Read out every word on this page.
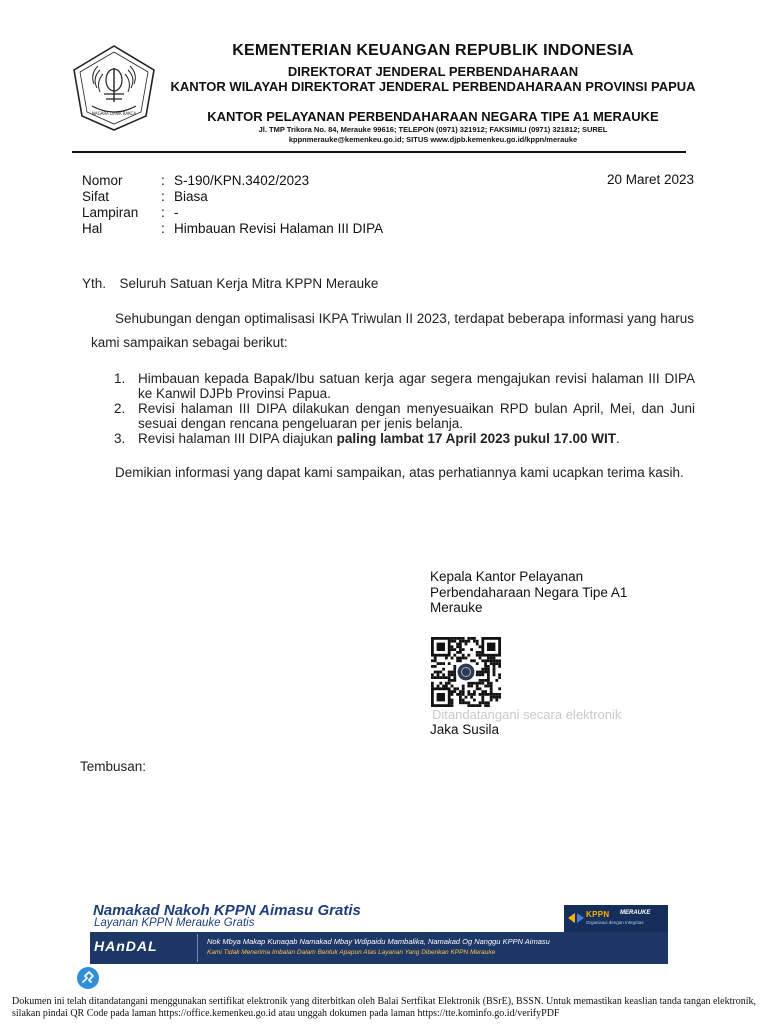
NAGARA DANA RAKCA
KEMENTERIAN KEUANGAN REPUBLIK INDONESIA
DIREKTORAT JENDERAL PERBENDAHARAAN
KANTOR WILAYAH DIREKTORAT JENDERAL PERBENDAHARAAN PROVINSI PAPUA
KANTOR PELAYANAN PERBENDAHARAAN NEGARA TIPE A1 MERAUKE
Jl. TMP Trikora No. 84, Merauke 99616; TELEPON (0971) 321912; FAKSIMILI (0971) 321812; SUREL
kppnmerauke@kemenkeu.go.id; SITUS www.djpb.kemenkeu.go.id/kppn/merauke
Nomor	: S-190/KPN.3402/2023
Sifat	: Biasa
Lampiran : -
Hal	: Himbauan Revisi Halaman III DIPA
20 Maret 2023
Yth. Seluruh Satuan Kerja Mitra KPPN Merauke
Sehubungan dengan optimalisasi IKPA Triwulan II 2023, terdapat beberapa informasi yang harus kami sampaikan sebagai berikut:
1. Himbauan kepada Bapak/Ibu satuan kerja agar segera mengajukan revisi halaman III DIPA ke Kanwil DJPb Provinsi Papua.
2. Revisi halaman III DIPA dilakukan dengan menyesuaikan RPD bulan April, Mei, dan Juni sesuai dengan rencana pengeluaran per jenis belanja.
3. Revisi halaman III DIPA diajukan paling lambat 17 April 2023 pukul 17.00 WIT.
Demikian informasi yang dapat kami sampaikan, atas perhatiannya kami ucapkan terima kasih.
Kepala Kantor Pelayanan
Perbendaharaan Negara Tipe A1
Merauke
Ditandatangani secara elektronik
Jaka Susila
Tembusan:
Namakad Nakoh KPPN Aimasu Gratis
Layanan KPPN Merauke Gratis
KPPN MERAUKE
Organisasi dengan Integritas
HAnDAL	Nok Mbya Makap Kunaqab Namakad Mbay Wdipaidu Mambalika, Namakad Og Nanggu KPPN Aimasu
Kami Tidak Menerima Imbalan Dalam Bentuk Apapun Atas Layanan Yang Diberikan KPPN Merauke
Dokumen ini telah ditandatangani menggunakan sertifikat elektronik yang diterbitkan oleh Balai Sertfikat Elektronik (BSrE), BSSN. Untuk memastikan keaslian tanda tangan elektronik, silakan pindai QR Code pada laman https://office.kemenkeu.go.id atau unggah dokumen pada laman https://tte.kominfo.go.id/verifyPDF
